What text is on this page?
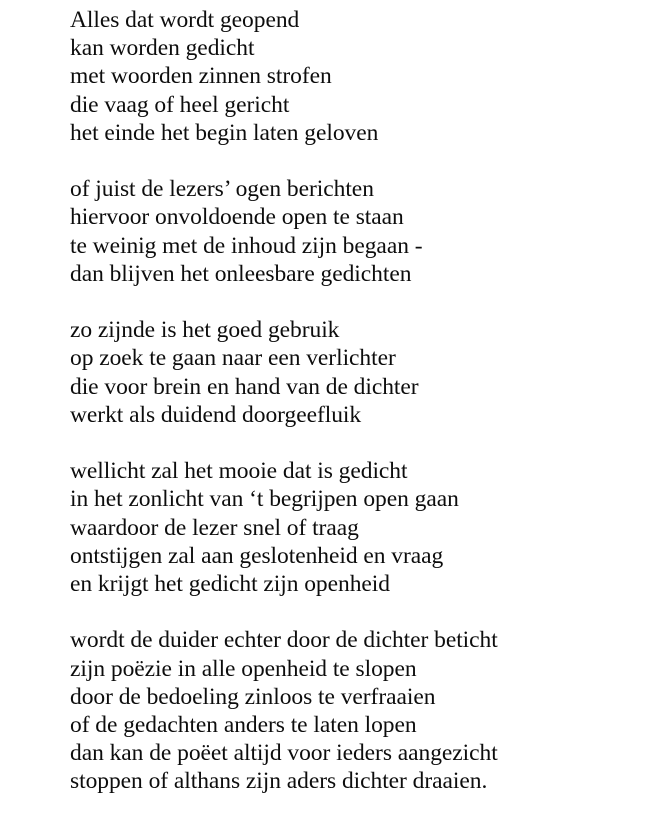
Alles dat wordt geopend
kan worden gedicht
met woorden zinnen strofen
die vaag of heel gericht
het einde het begin laten geloven
of juist de lezers’ ogen berichten
hiervoor onvoldoende open te staan
te weinig met de inhoud zijn begaan -
dan blijven het onleesbare gedichten
zo zijnde is het goed gebruik
op zoek te gaan naar een verlichter
die voor brein en hand van de dichter
werkt als duidend doorgeefluik
wellicht zal het mooie dat is gedicht
in het zonlicht van ‘t begrijpen open gaan
waardoor de lezer snel of traag
ontstijgen zal aan geslotenheid en vraag
en krijgt het gedicht zijn openheid
wordt de duider echter door de dichter beticht
zijn poëzie in alle openheid te slopen
door de bedoeling zinloos te verfraaien
of de gedachten anders te laten lopen
dan kan de poëet altijd voor ieders aangezicht
stoppen of althans zijn aders dichter draaien.
